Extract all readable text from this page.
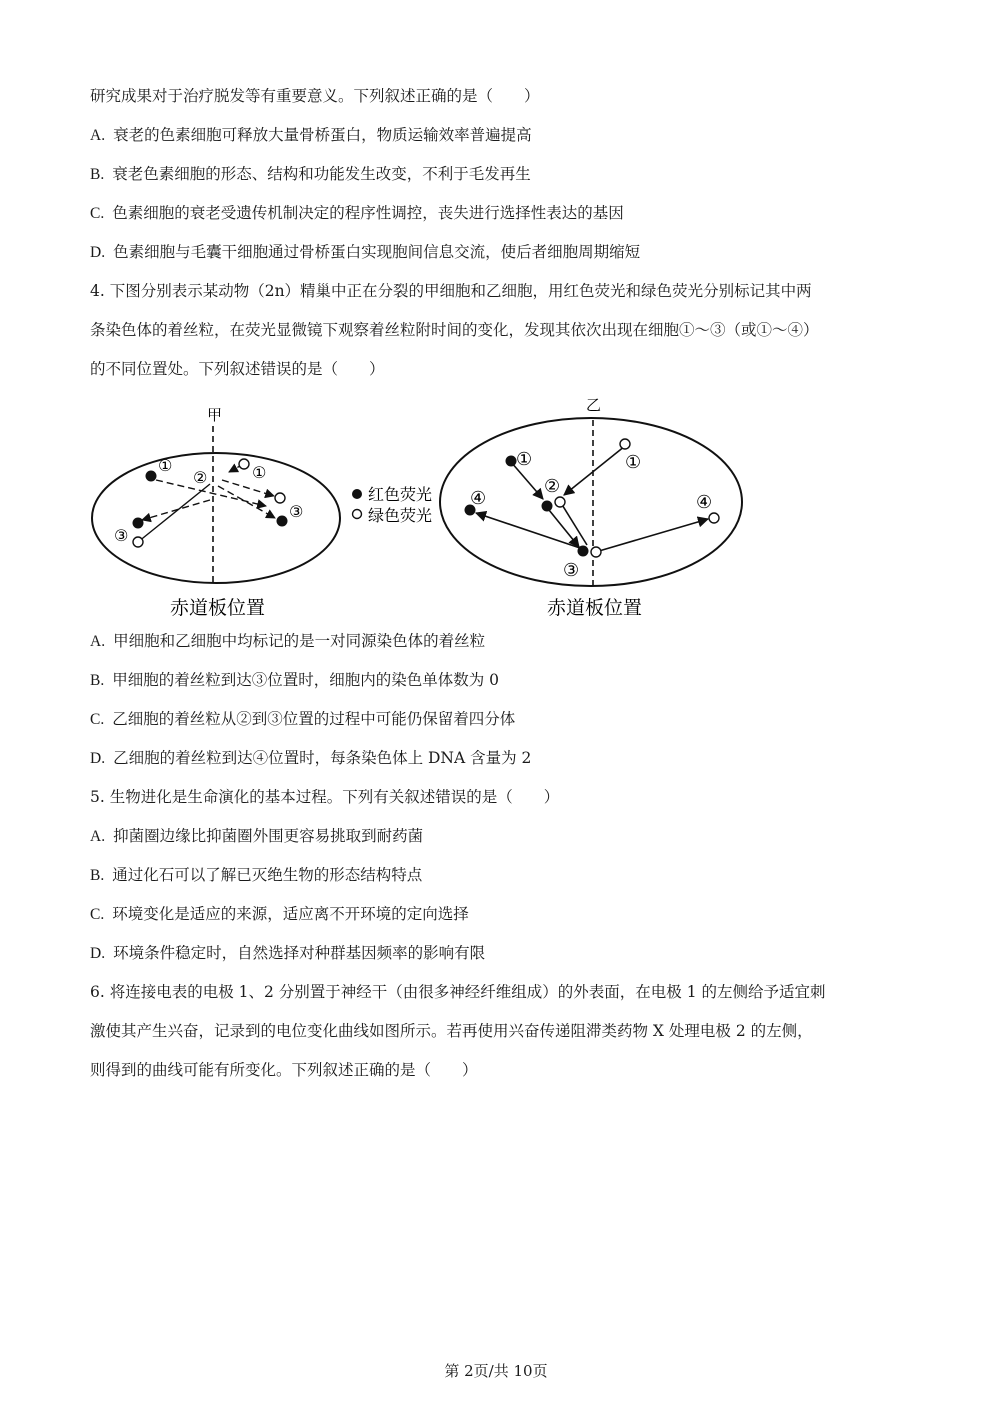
研究成果对于治疗脱发等有重要意义。下列叙述正确的是（　　）
A. 衰老的色素细胞可释放大量骨桥蛋白，物质运输效率普遍提高
B. 衰老色素细胞的形态、结构和功能发生改变，不利于毛发再生
C. 色素细胞的衰老受遗传机制决定的程序性调控，丧失进行选择性表达的基因
D. 色素细胞与毛囊干细胞通过骨桥蛋白实现胞间信息交流，使后者细胞周期缩短
4. 下图分别表示某动物（2n）精巢中正在分裂的甲细胞和乙细胞，用红色荧光和绿色荧光分别标记其中两
条染色体的着丝粒，在荧光显微镜下观察着丝粒附时间的变化，发现其依次出现在细胞①～③（或①～④）
的不同位置处。下列叙述错误的是（　　）
甲
①
②	①
③
③
赤道板位置
红色荧光
绿色荧光
乙
①	①
②
④	④
③
赤道板位置
A. 甲细胞和乙细胞中均标记的是一对同源染色体的着丝粒
B. 甲细胞的着丝粒到达③位置时，细胞内的染色单体数为 0
C. 乙细胞的着丝粒从②到③位置的过程中可能仍保留着四分体
D. 乙细胞的着丝粒到达④位置时，每条染色体上 DNA 含量为 2
5. 生物进化是生命演化的基本过程。下列有关叙述错误的是（　　）
A. 抑菌圈边缘比抑菌圈外围更容易挑取到耐药菌
B. 通过化石可以了解已灭绝生物的形态结构特点
C. 环境变化是适应的来源，适应离不开环境的定向选择
D. 环境条件稳定时，自然选择对种群基因频率的影响有限
6. 将连接电表的电极 1、2 分别置于神经干（由很多神经纤维组成）的外表面，在电极 1 的左侧给予适宜刺
激使其产生兴奋，记录到的电位变化曲线如图所示。若再使用兴奋传递阻滞类药物 X 处理电极 2 的左侧，
则得到的曲线可能有所变化。下列叙述正确的是（　　）
第 2页/共 10页
